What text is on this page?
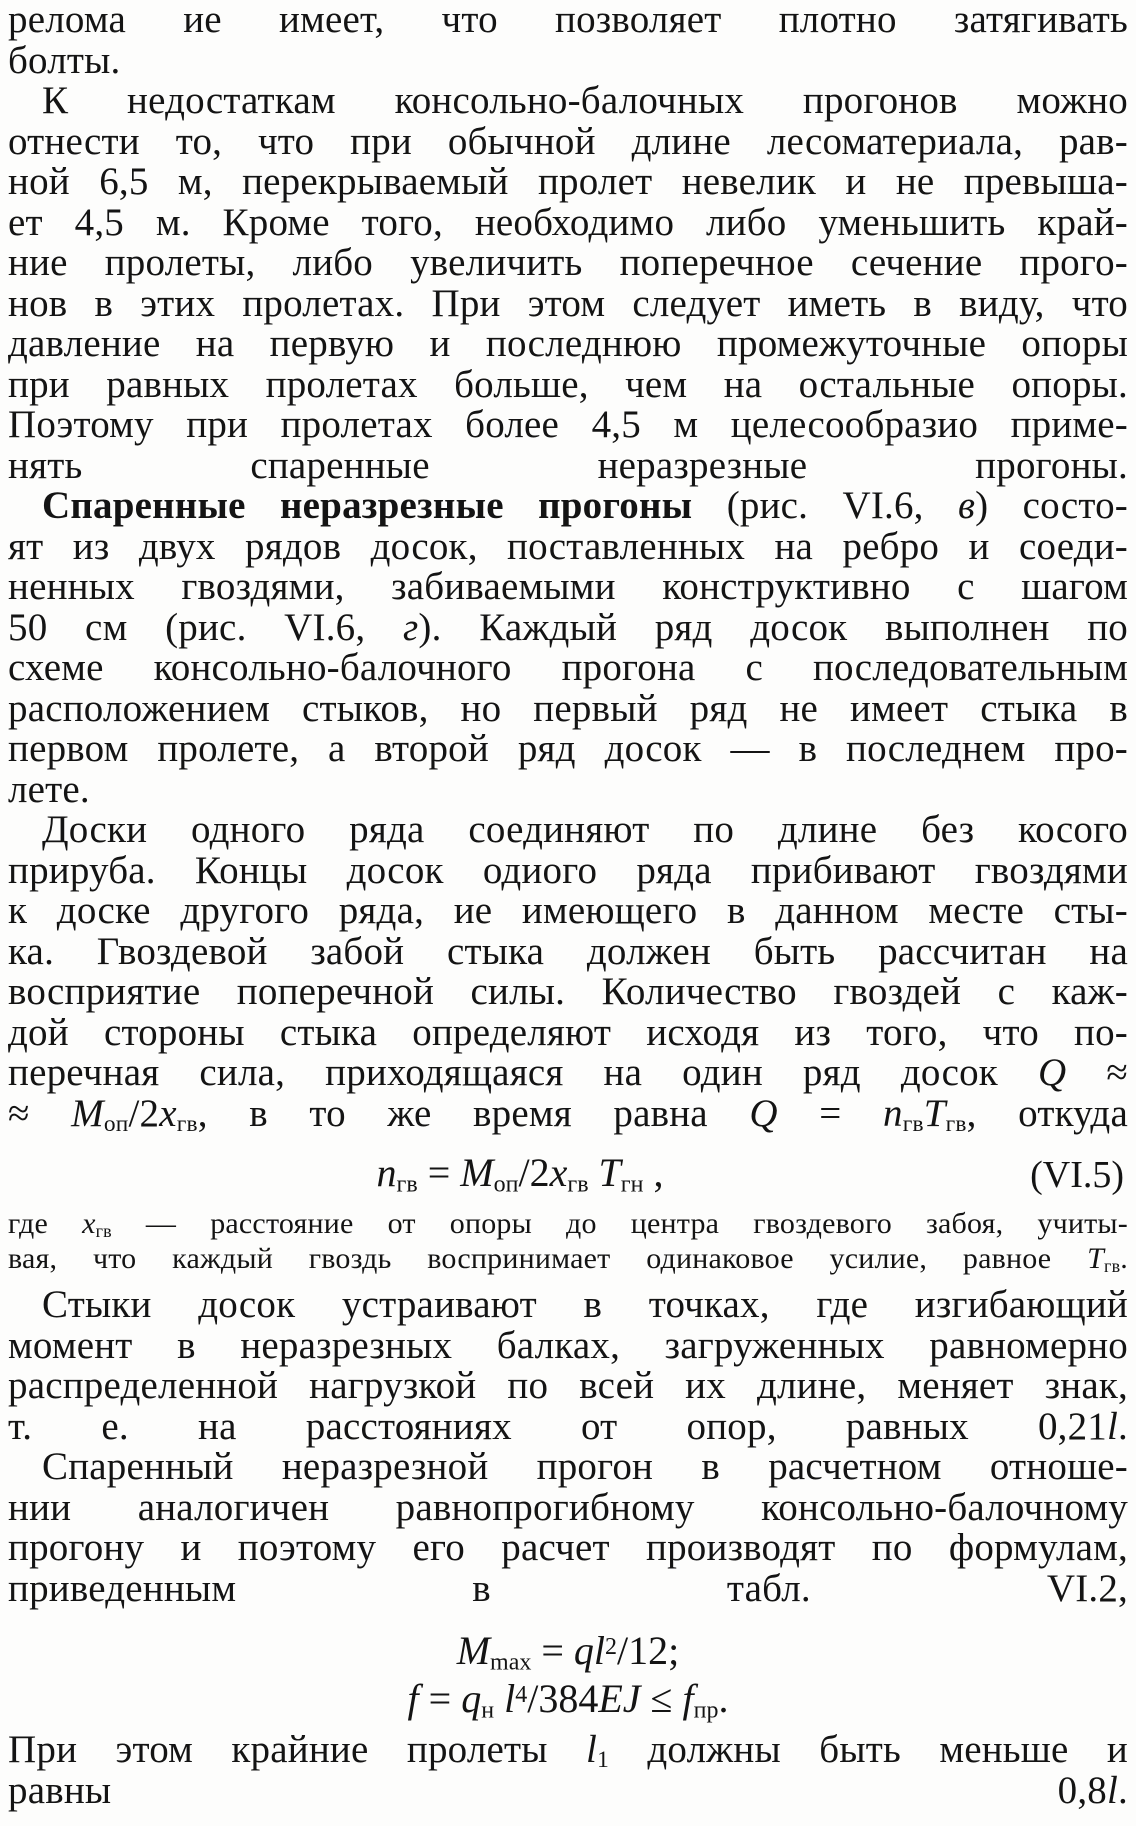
релома ие имеет, что позволяет плотно затягивать
болты.
К недостаткам консольно-балочных прогонов можно
отнести то, что при обычной длине лесоматериала, рав-
ной 6,5 м, перекрываемый пролет невелик и не превыша-
ет 4,5 м. Кроме того, необходимо либо уменьшить край-
ние пролеты, либо увеличить поперечное сечение прого-
нов в этих пролетах. При этом следует иметь в виду, что
давление на первую и последнюю промежуточные опоры
при равных пролетах больше, чем на остальные опоры.
Поэтому при пролетах более 4,5 м целесообразио приме-
нять спаренные неразрезные прогоны.
Спаренные неразрезные прогоны (рис. VI.6, в) состо-
ят из двух рядов досок, поставленных на ребро и соеди-
ненных гвоздями, забиваемыми конструктивно с шагом
50 см (рис. VI.6, г). Каждый ряд досок выполнен по
схеме консольно-балочного прогона с последовательным
расположением стыков, но первый ряд не имеет стыка в
первом пролете, а второй ряд досок — в последнем про-
лете.
Доски одного ряда соединяют по длине без косого
прируба. Концы досок одиого ряда прибивают гвоздями
к доске другого ряда, ие имеющего в данном месте сты-
ка. Гвоздевой забой стыка должен быть рассчитан на
восприятие поперечной силы. Количество гвоздей с каж-
дой стороны стыка определяют исходя из того, что по-
перечная сила, приходящаяся на один ряд досок Q ≈
≈ $M_{оп}/2x_{гв}$, в то же время равна $Q = n_{гв}T_{гв}$, откуда
$n_{гв} = M_{оп}/2x_{гв}$ $T_{гн}$ ,	(VI.5)
где $x_{гв}$ — расстояние от опоры до центра гвоздевого забоя, учиты-
вая, что каждый гвоздь воспринимает одинаковое усилие, равное $T_{гв}$.
Стыки досок устраивают в точках, где изгибающий
момент в неразрезных балках, загруженных равномерно
распределенной нагрузкой по всей их длине, меняет знак,
т. е. на расстояниях от опор, равных 0,21l.
Спаренный неразрезной прогон в расчетном отноше-
нии аналогичен равнопрогибному консольно-балочному
прогону и поэтому его расчет производят по формулам,
приведенным в табл. VI.2,
$M_{max} = ql^2/12$;
$f = q_н$ $l^4/384EJ \le f_{пр}$.
При этом крайние пролеты $l_1$ должны быть меньше и
равны 0,8l.
